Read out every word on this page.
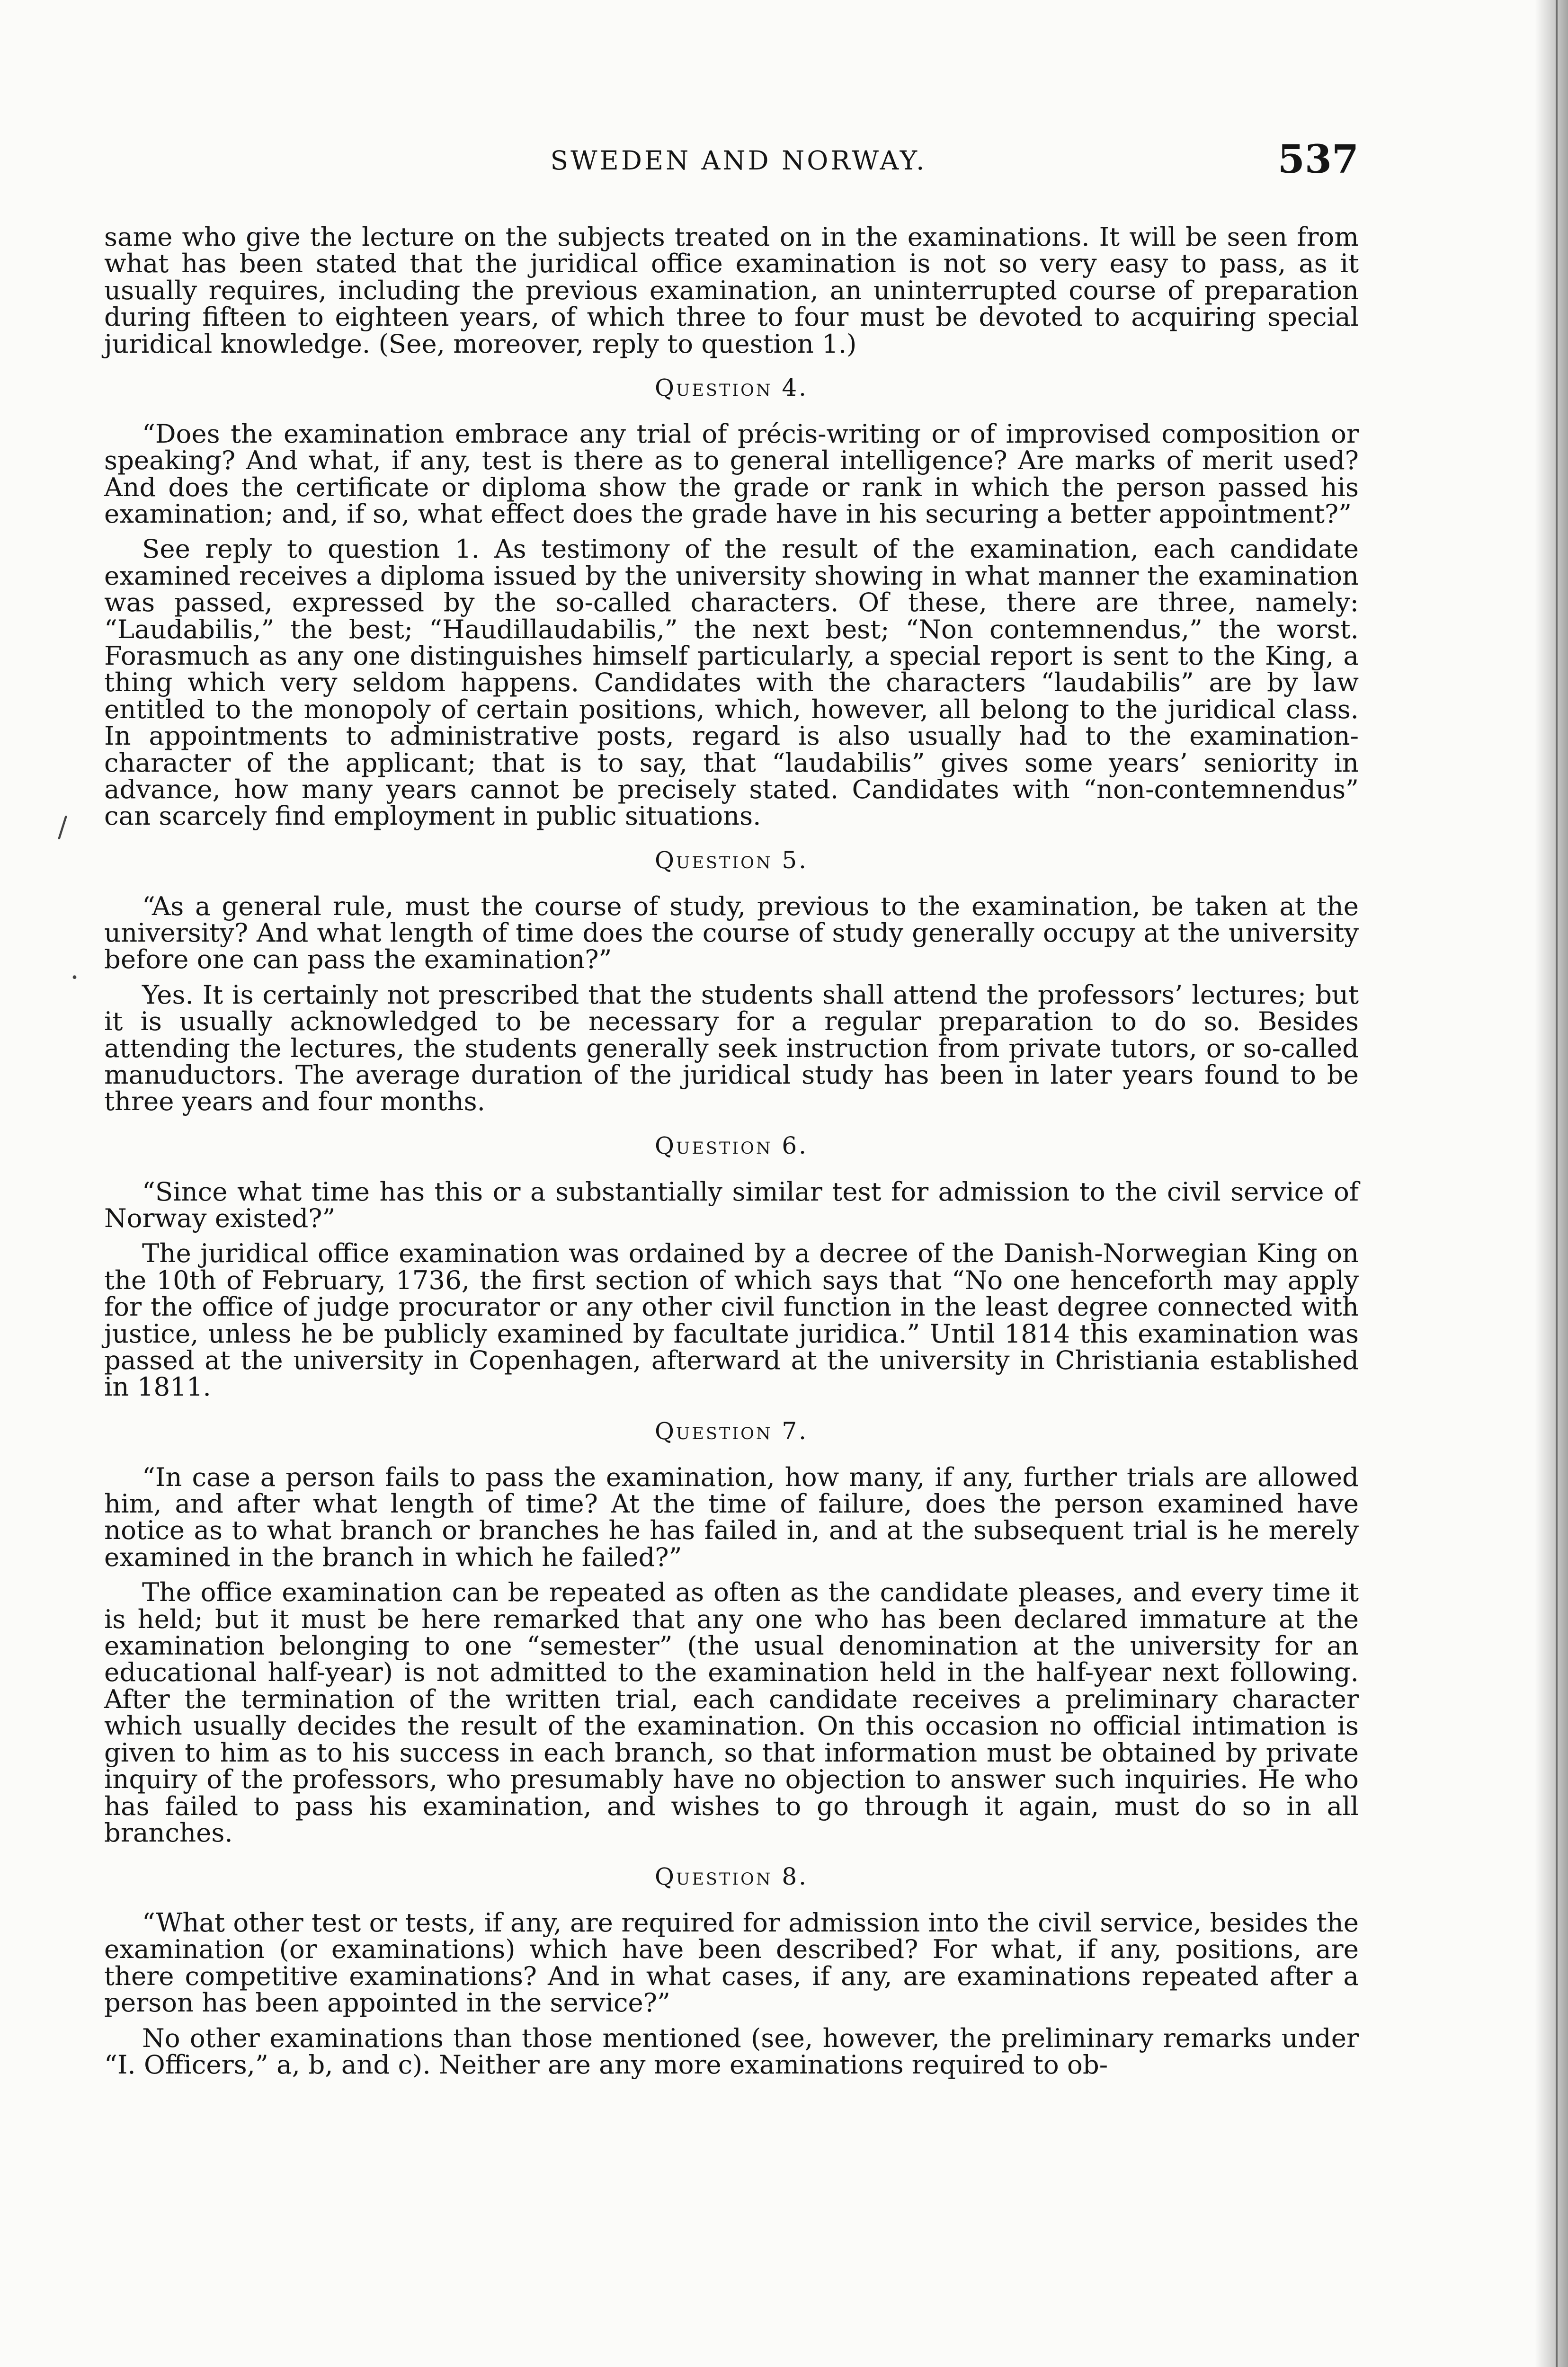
SWEDEN AND NORWAY.	537
/
·

same who give the lecture on the subjects treated on in the examinations. It will be seen from what has been stated that the juridical office examination is not so very easy to pass, as it usually requires, including the previous examination, an uninterrupted course of preparation during fifteen to eighteen years, of which three to four must be devoted to acquiring special juridical knowledge. (See, moreover, reply to question 1.)

Question 4.

“Does the examination embrace any trial of précis-writing or of improvised composition or speaking? And what, if any, test is there as to general intelligence? Are marks of merit used? And does the certificate or diploma show the grade or rank in which the person passed his examination; and, if so, what effect does the grade have in his securing a better appointment?”

See reply to question 1. As testimony of the result of the examination, each candidate examined receives a diploma issued by the university showing in what manner the examination was passed, expressed by the so-called characters. Of these, there are three, namely: “Laudabilis,” the best; “Haudillaudabilis,” the next best; “Non contemnendus,” the worst. Forasmuch as any one distinguishes himself particularly, a special report is sent to the King, a thing which very seldom happens. Candidates with the characters “laudabilis” are by law entitled to the monopoly of certain positions, which, however, all belong to the juridical class. In appointments to administrative posts, regard is also usually had to the examination-character of the applicant; that is to say, that “laudabilis” gives some years’ seniority in advance, how many years cannot be precisely stated. Candidates with “non-contemnendus” can scarcely find employment in public situations.

Question 5.

“As a general rule, must the course of study, previous to the examination, be taken at the university? And what length of time does the course of study generally occupy at the university before one can pass the examination?”

Yes. It is certainly not prescribed that the students shall attend the professors’ lectures; but it is usually acknowledged to be necessary for a regular preparation to do so. Besides attending the lectures, the students generally seek instruction from private tutors, or so-called manuductors. The average duration of the juridical study has been in later years found to be three years and four months.

Question 6.

“Since what time has this or a substantially similar test for admission to the civil service of Norway existed?”

The juridical office examination was ordained by a decree of the Danish-Norwegian King on the 10th of February, 1736, the first section of which says that “No one henceforth may apply for the office of judge procurator or any other civil function in the least degree connected with justice, unless he be publicly examined by facultate juridica.” Until 1814 this examination was passed at the university in Copenhagen, afterward at the university in Christiania established in 1811.

Question 7.

“In case a person fails to pass the examination, how many, if any, further trials are allowed him, and after what length of time? At the time of failure, does the person examined have notice as to what branch or branches he has failed in, and at the subsequent trial is he merely examined in the branch in which he failed?”

The office examination can be repeated as often as the candidate pleases, and every time it is held; but it must be here remarked that any one who has been declared immature at the examination belonging to one “semester” (the usual denomination at the university for an educational half-year) is not admitted to the examination held in the half-year next following. After the termination of the written trial, each candidate receives a preliminary character which usually decides the result of the examination. On this occasion no official intimation is given to him as to his success in each branch, so that information must be obtained by private inquiry of the professors, who presumably have no objection to answer such inquiries. He who has failed to pass his examination, and wishes to go through it again, must do so in all branches.

Question 8.

“What other test or tests, if any, are required for admission into the civil service, besides the examination (or examinations) which have been described? For what, if any, positions, are there competitive examinations? And in what cases, if any, are examinations repeated after a person has been appointed in the service?”

No other examinations than those mentioned (see, however, the preliminary remarks under “I. Officers,” a, b, and c). Neither are any more examinations required to ob-
